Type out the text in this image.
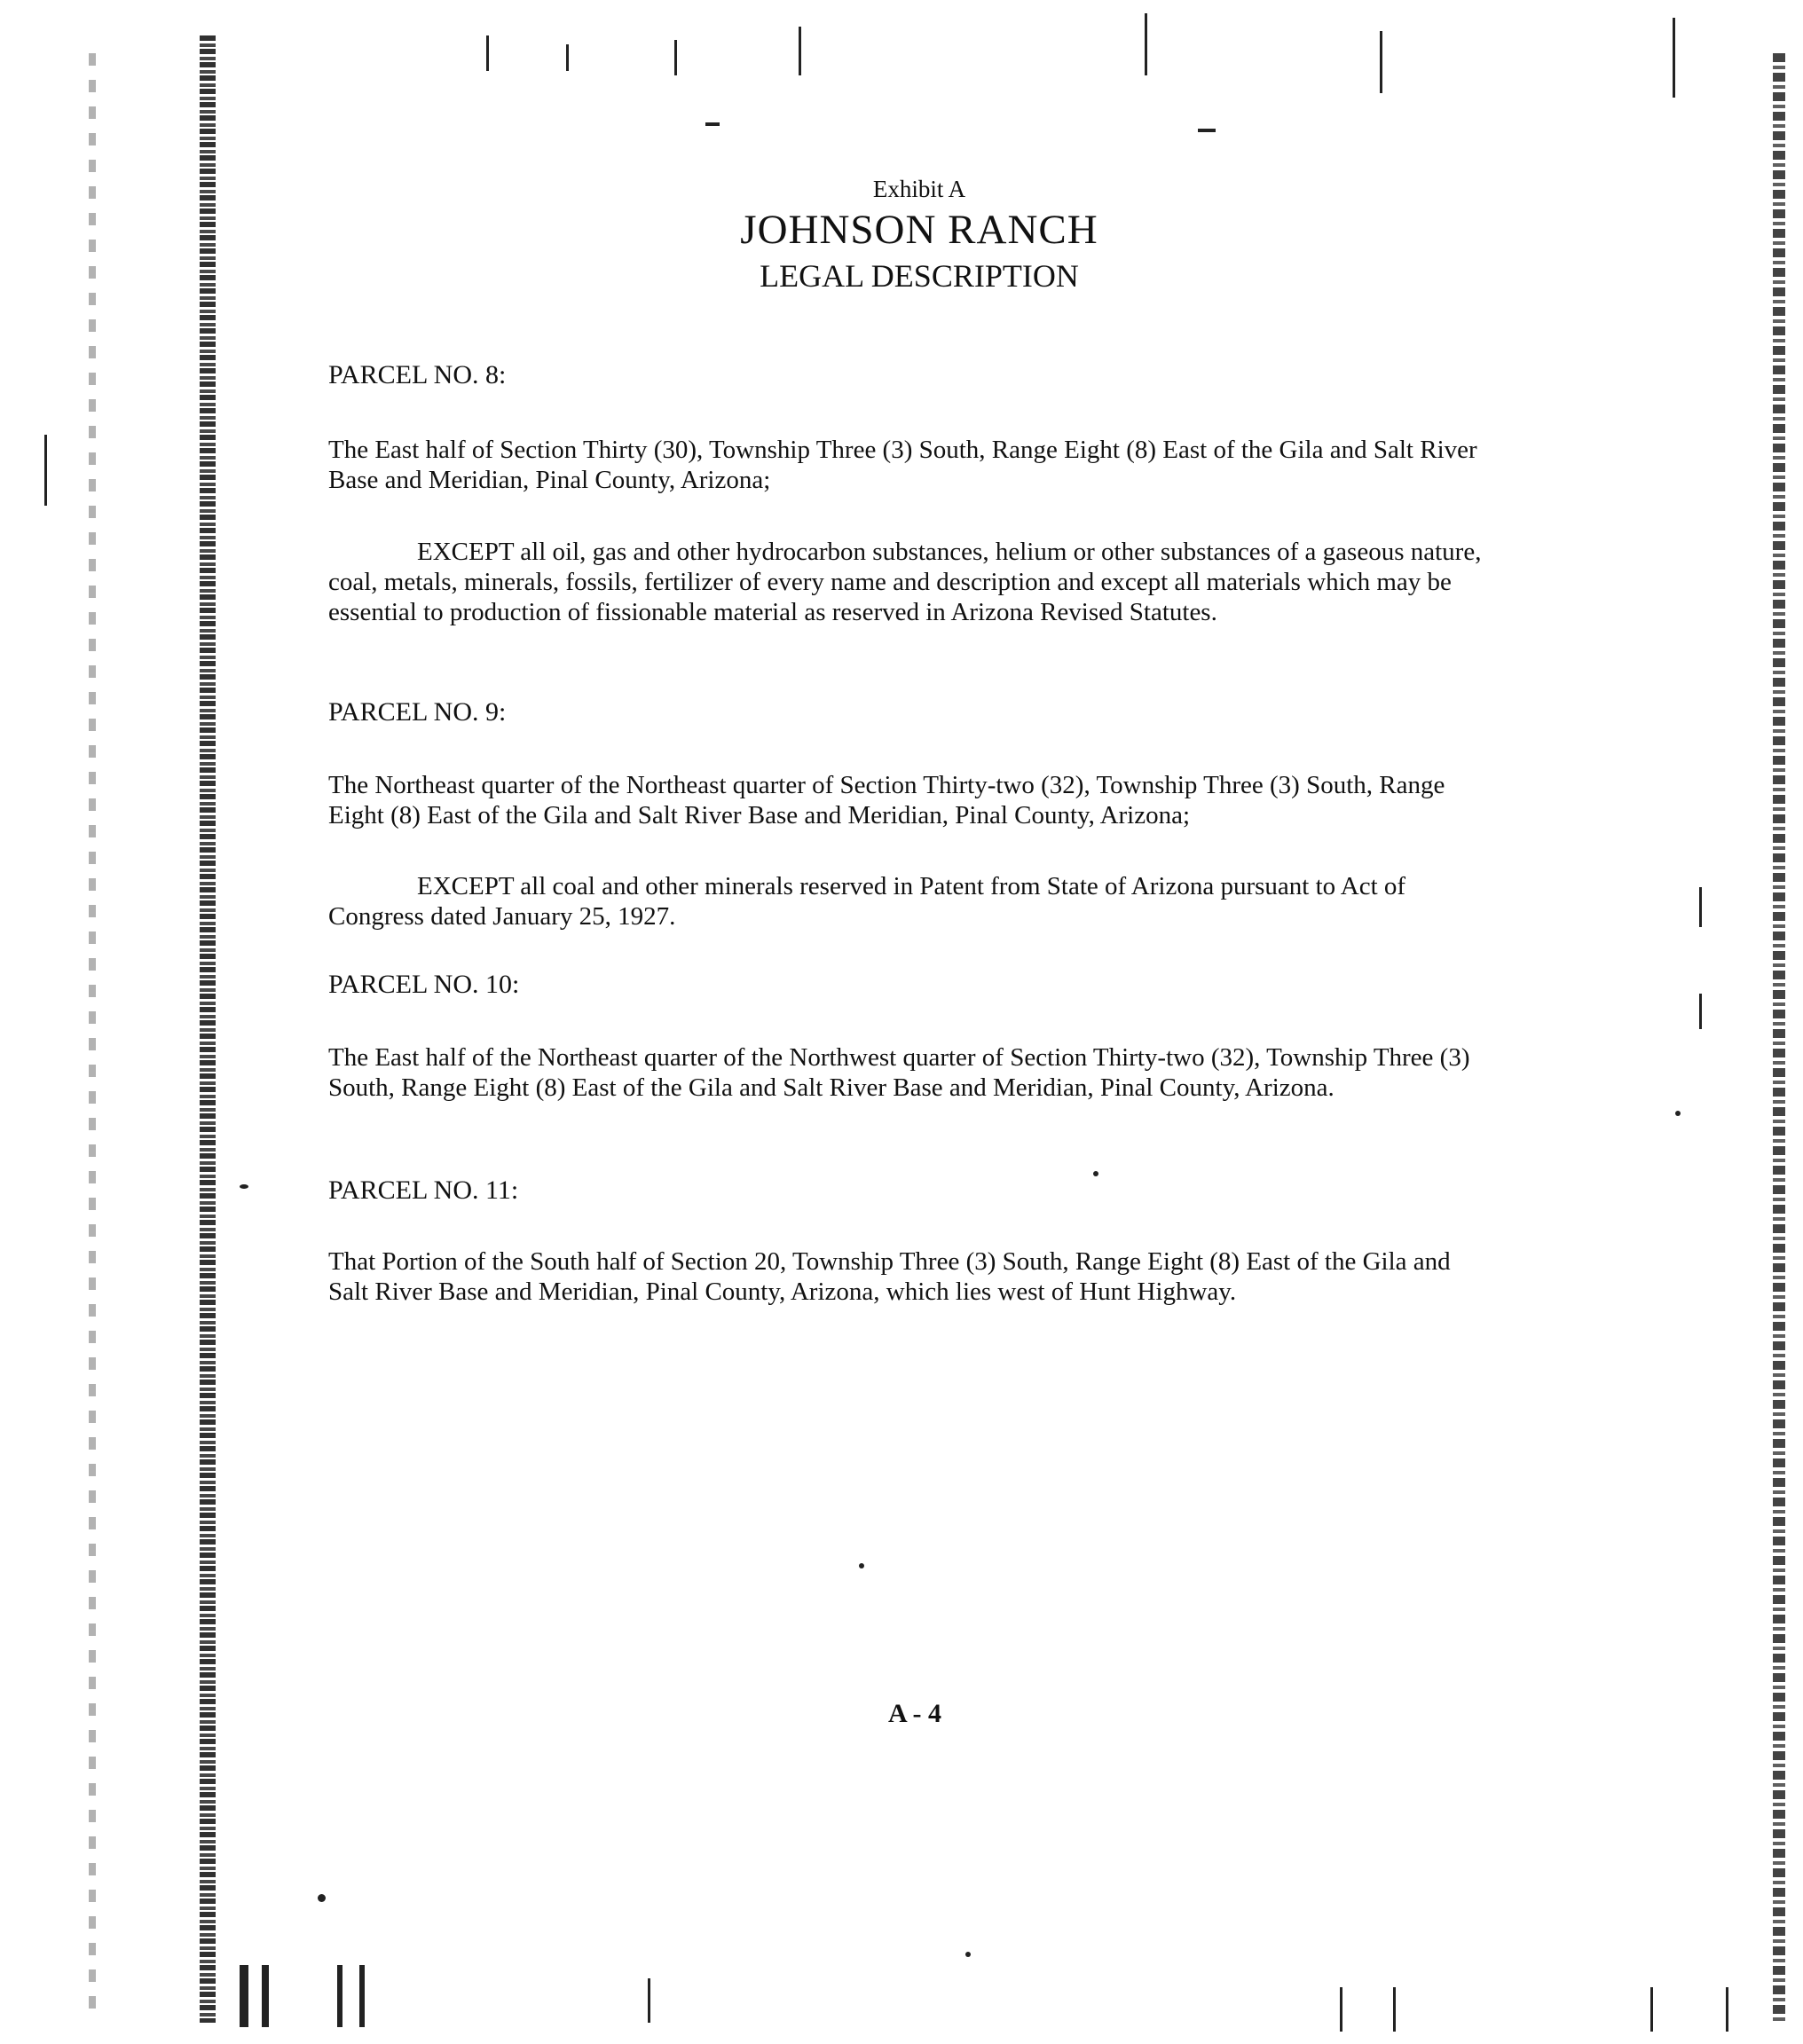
Exhibit A
JOHNSON RANCH
LEGAL DESCRIPTION
PARCEL NO. 8:
The East half of Section Thirty (30), Township Three (3) South, Range Eight (8) East of the Gila and Salt River Base and Meridian, Pinal County, Arizona;
EXCEPT all oil, gas and other hydrocarbon substances, helium or other substances of a gaseous nature, coal, metals, minerals, fossils, fertilizer of every name and description and except all materials which may be essential to production of fissionable material as reserved in Arizona Revised Statutes.
PARCEL NO. 9:
The Northeast quarter of the Northeast quarter of Section Thirty-two (32), Township Three (3) South, Range Eight (8) East of the Gila and Salt River Base and Meridian, Pinal County, Arizona;
EXCEPT all coal and other minerals reserved in Patent from State of Arizona pursuant to Act of Congress dated January 25, 1927.
PARCEL NO. 10:
The East half of the Northeast quarter of the Northwest quarter of Section Thirty-two (32), Township Three (3) South, Range Eight (8) East of the Gila and Salt River Base and Meridian, Pinal County, Arizona.
PARCEL NO. 11:
That Portion of the South half of Section 20, Township Three (3) South, Range Eight (8) East of the Gila and Salt River Base and Meridian, Pinal County, Arizona, which lies west of Hunt Highway.
A - 4
